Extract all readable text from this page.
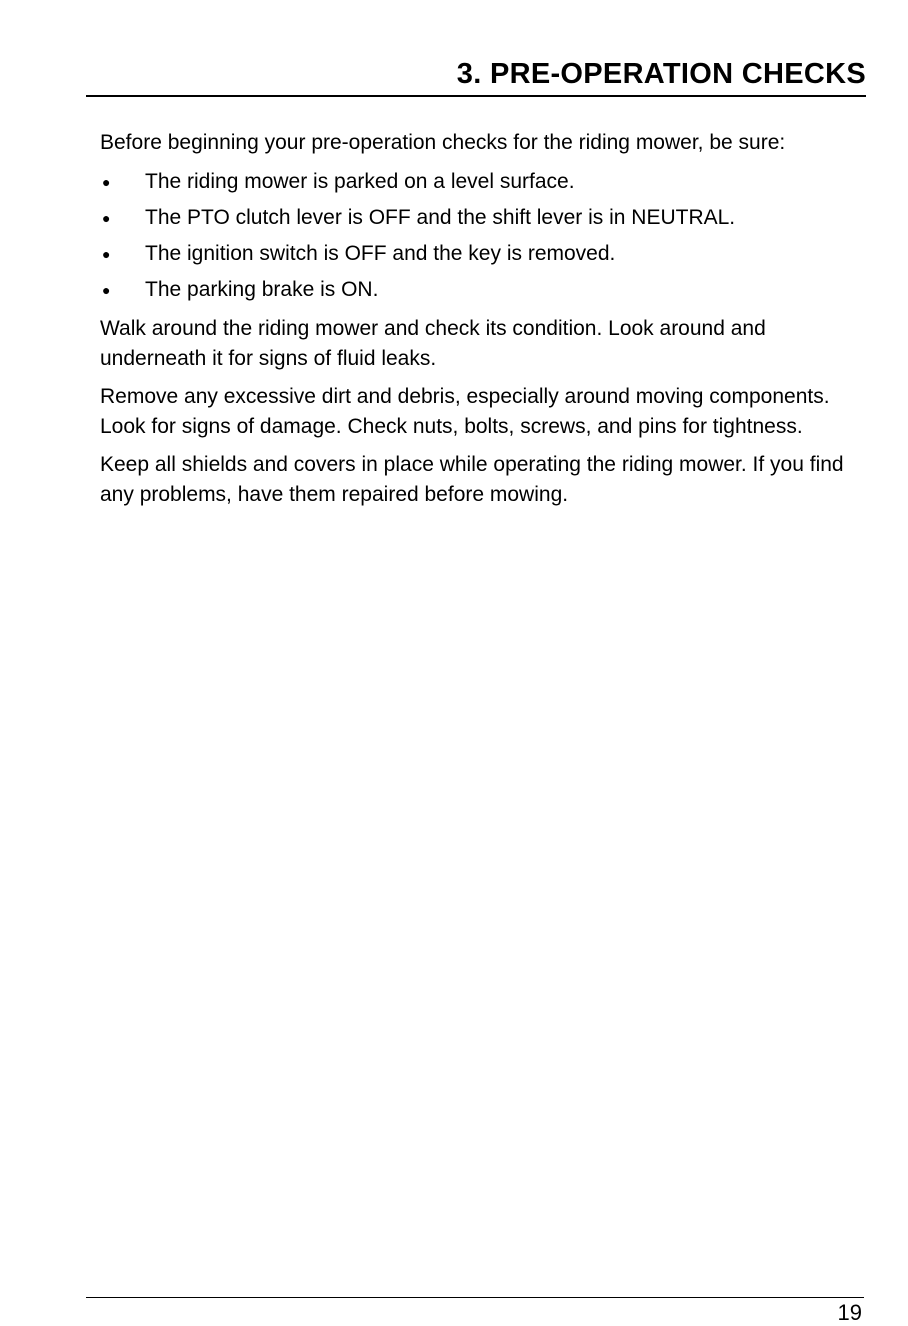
3. PRE-OPERATION CHECKS

Before beginning your pre-operation checks for the riding mower, be sure:

● The riding mower is parked on a level surface.
● The PTO clutch lever is OFF and the shift lever is in NEUTRAL.
● The ignition switch is OFF and the key is removed.
● The parking brake is ON.

Walk around the riding mower and check its condition. Look around and underneath it for signs of fluid leaks.

Remove any excessive dirt and debris, especially around moving components. Look for signs of damage. Check nuts, bolts, screws, and pins for tightness.

Keep all shields and covers in place while operating the riding mower. If you find any problems, have them repaired before mowing.

19
